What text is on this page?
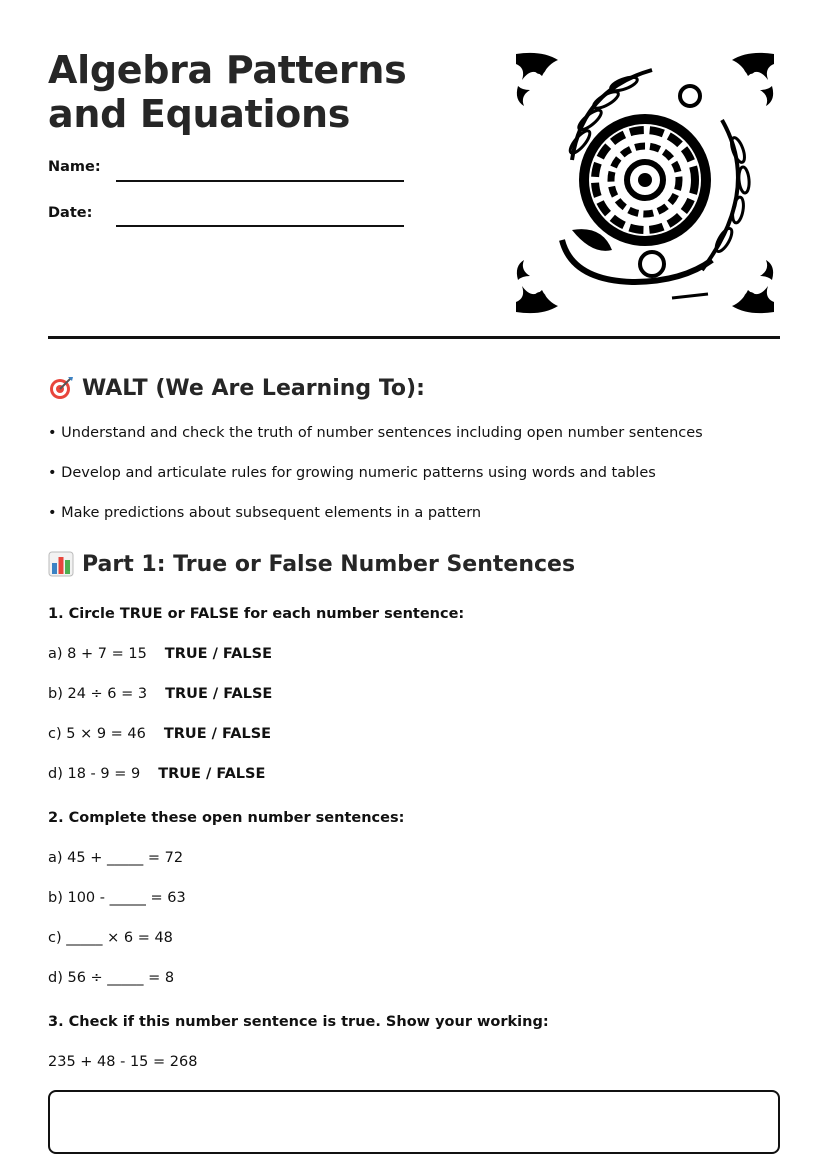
Algebra Patterns and Equations
Name:
Date:
WALT (We Are Learning To):
• Understand and check the truth of number sentences including open number sentences
• Develop and articulate rules for growing numeric patterns using words and tables
• Make predictions about subsequent elements in a pattern
Part 1: True or False Number Sentences
1. Circle TRUE or FALSE for each number sentence:
a) 8 + 7 = 15 TRUE / FALSE
b) 24 ÷ 6 = 3 TRUE / FALSE
c) 5 × 9 = 46 TRUE / FALSE
d) 18 - 9 = 9 TRUE / FALSE
2. Complete these open number sentences:
a) 45 + _____ = 72
b) 100 - _____ = 63
c) _____ × 6 = 48
d) 56 ÷ _____ = 8
3. Check if this number sentence is true. Show your working:
235 + 48 - 15 = 268
